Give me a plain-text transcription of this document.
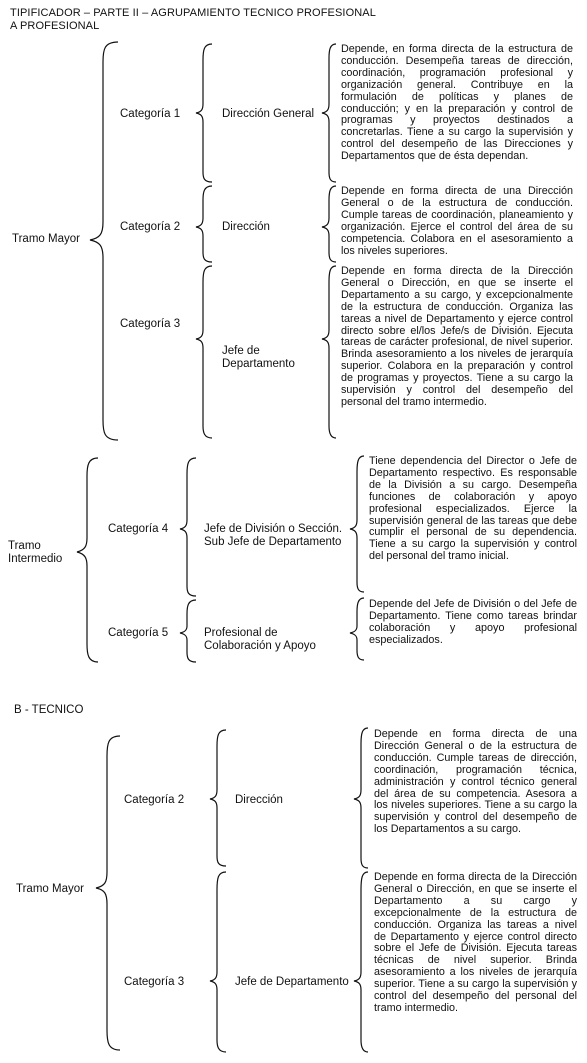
TIPIFICADOR – PARTE II – AGRUPAMIENTO TECNICO PROFESIONAL
A PROFESIONAL
Tramo Mayor
Categoría 1	Dirección General
Depende, en forma directa de la estructura de conducción. Desempeña tareas de dirección, coordinación, programación profesional y organización general. Contribuye en la formulación de políticas y planes de conducción; y en la preparación y control de programas y proyectos destinados a concretarlas. Tiene a su cargo la supervisión y control del desempeño de las Direcciones y Departamentos que de ésta dependan.
Categoría 2	Dirección
Depende en forma directa de una Dirección General o de la estructura de conducción. Cumple tareas de coordinación, planeamiento y organización. Ejerce el control del área de su competencia. Colabora en el asesoramiento a los niveles superiores.
Categoría 3
Jefe de
Departamento
Depende en forma directa de la Dirección General o Dirección, en que se inserte el Departamento a su cargo, y excepcionalmente de la estructura de conducción. Organiza las tareas a nivel de Departamento y ejerce control directo sobre el/los Jefe/s de División. Ejecuta tareas de carácter profesional, de nivel superior. Brinda asesoramiento a los niveles de jerarquía superior. Colabora en la preparación y control de programas y proyectos. Tiene a su cargo la supervisión y control del desempeño del personal del tramo intermedio.
Tramo
Intermedio
Categoría 4	Jefe de División o Sección.
Sub Jefe de Departamento
Tiene dependencia del Director o Jefe de Departamento respectivo. Es responsable de la División a su cargo. Desempeña funciones de colaboración y apoyo profesional especializados. Ejerce la supervisión general de las tareas que debe cumplir el personal de su dependencia. Tiene a su cargo la supervisión y control del personal del tramo inicial.
Categoría 5	Profesional de
Colaboración y Apoyo
Depende del Jefe de División o del Jefe de Departamento. Tiene como tareas brindar colaboración y apoyo profesional especializados.
B - TECNICO
Tramo Mayor
Categoría 2	Dirección
Depende en forma directa de una Dirección General o de la estructura de conducción. Cumple tareas de dirección, coordinación, programación técnica, administración y control técnico general del área de su competencia. Asesora a los niveles superiores. Tiene a su cargo la supervisión y control del desempeño de los Departamentos a su cargo.
Categoría 3	Jefe de Departamento
Depende en forma directa de la Dirección General o Dirección, en que se inserte el Departamento a su cargo y excepcionalmente de la estructura de conducción. Organiza las tareas a nivel de Departamento y ejerce control directo sobre el Jefe de División. Ejecuta tareas técnicas de nivel superior. Brinda asesoramiento a los niveles de jerarquía superior. Tiene a su cargo la supervisión y control del desempeño del personal del tramo intermedio.
